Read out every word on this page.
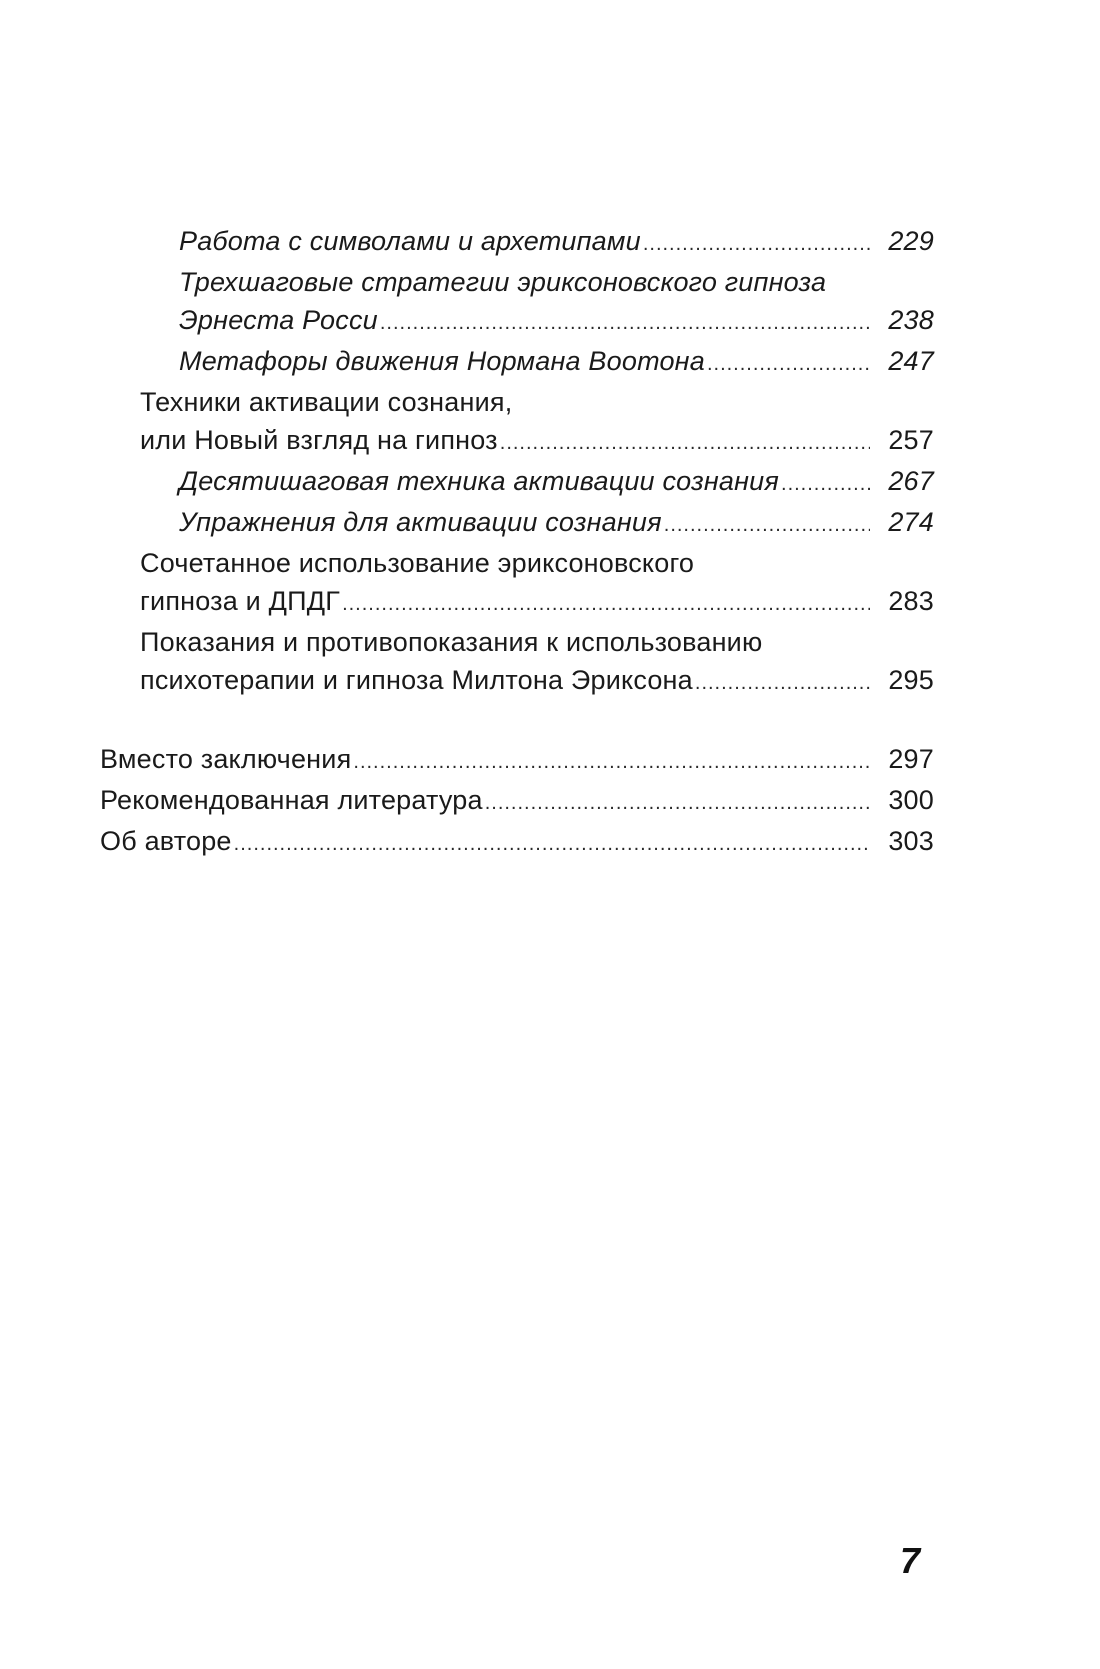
Работа с символами и архетипами .....	229
Трехшаговые стратегии эриксоновского гипноза
Эрнеста Росси .....	238
Метафоры движения Нормана Воотона .....	247
Техники активации сознания,
или Новый взгляд на гипноз .....	257
Десятишаговая техника активации сознания .....	267
Упражнения для активации сознания .....	274
Сочетанное использование эриксоновского
гипноза и ДПДГ .....	283
Показания и противопоказания к использованию
психотерапии и гипноза Милтона Эриксона .....	295
Вместо заключения .....	297
Рекомендованная литература .....	300
Об авторе .....	303
7
